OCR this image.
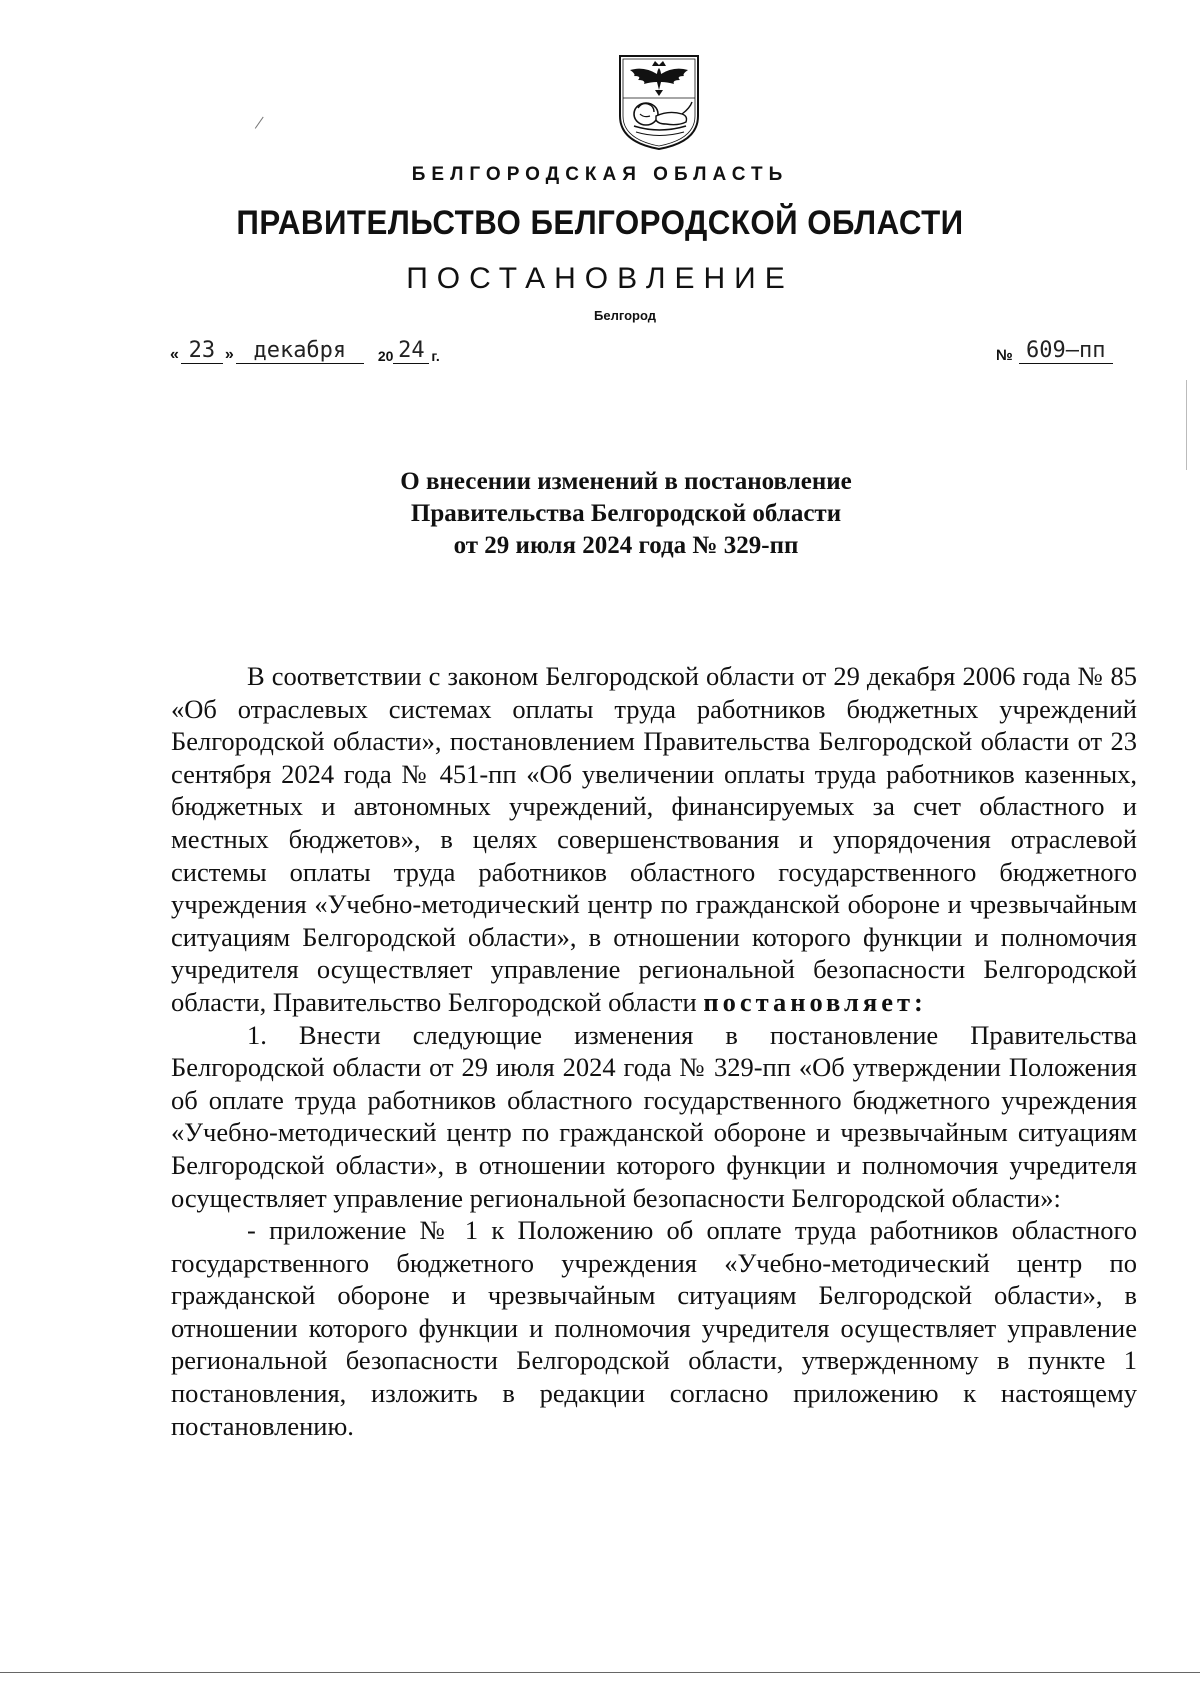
БЕЛГОРОДСКАЯ ОБЛАСТЬ
ПРАВИТЕЛЬСТВО БЕЛГОРОДСКОЙ ОБЛАСТИ
ПОСТАНОВЛЕНИЕ
Белгород
« 23 » декабря	20 24 г.	№ 609–пп
О внесении изменений в постановление
Правительства Белгородской области
от 29 июля 2024 года № 329-пп

В соответствии с законом Белгородской области от 29 декабря 2006 года № 85 «Об отраслевых системах оплаты труда работников бюджетных учреждений Белгородской области», постановлением Правительства Белгородской области от 23 сентября 2024 года № 451-пп «Об увеличении оплаты труда работников казенных, бюджетных и автономных учреждений, финансируемых за счет областного и местных бюджетов», в целях совершенствования и упорядочения отраслевой системы оплаты труда работников областного государственного бюджетного учреждения «Учебно-методический центр по гражданской обороне и чрезвычайным ситуациям Белгородской области», в отношении которого функции и полномочия учредителя осуществляет управление региональной безопасности Белгородской области, Правительство Белгородской области постановляет:

1. Внести следующие изменения в постановление Правительства Белгородской области от 29 июля 2024 года № 329-пп «Об утверждении Положения об оплате труда работников областного государственного бюджетного учреждения «Учебно-методический центр по гражданской обороне и чрезвычайным ситуациям Белгородской области», в отношении которого функции и полномочия учредителя осуществляет управление региональной безопасности Белгородской области»:

- приложение № 1 к Положению об оплате труда работников областного государственного бюджетного учреждения «Учебно-методический центр по гражданской обороне и чрезвычайным ситуациям Белгородской области», в отношении которого функции и полномочия учредителя осуществляет управление региональной безопасности Белгородской области, утвержденному в пункте 1 постановления, изложить в редакции согласно приложению к настоящему постановлению.
